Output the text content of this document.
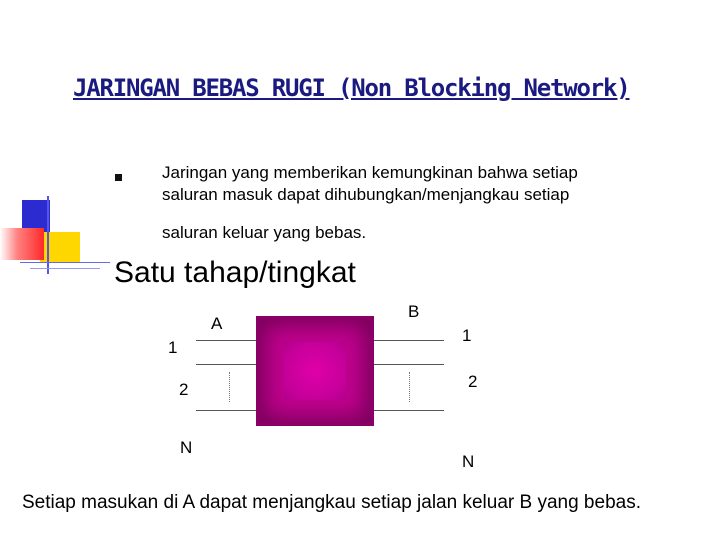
JARINGAN BEBAS RUGI (Non Blocking Network)
Jaringan yang memberikan kemungkinan bahwa setiap
saluran masuk dapat dihubungkan/menjangkau setiap
saluran keluar yang bebas.
Satu tahap/tingkat
A
B
1
2
N
1
2
N
Setiap masukan di A dapat menjangkau setiap jalan keluar B yang bebas.
